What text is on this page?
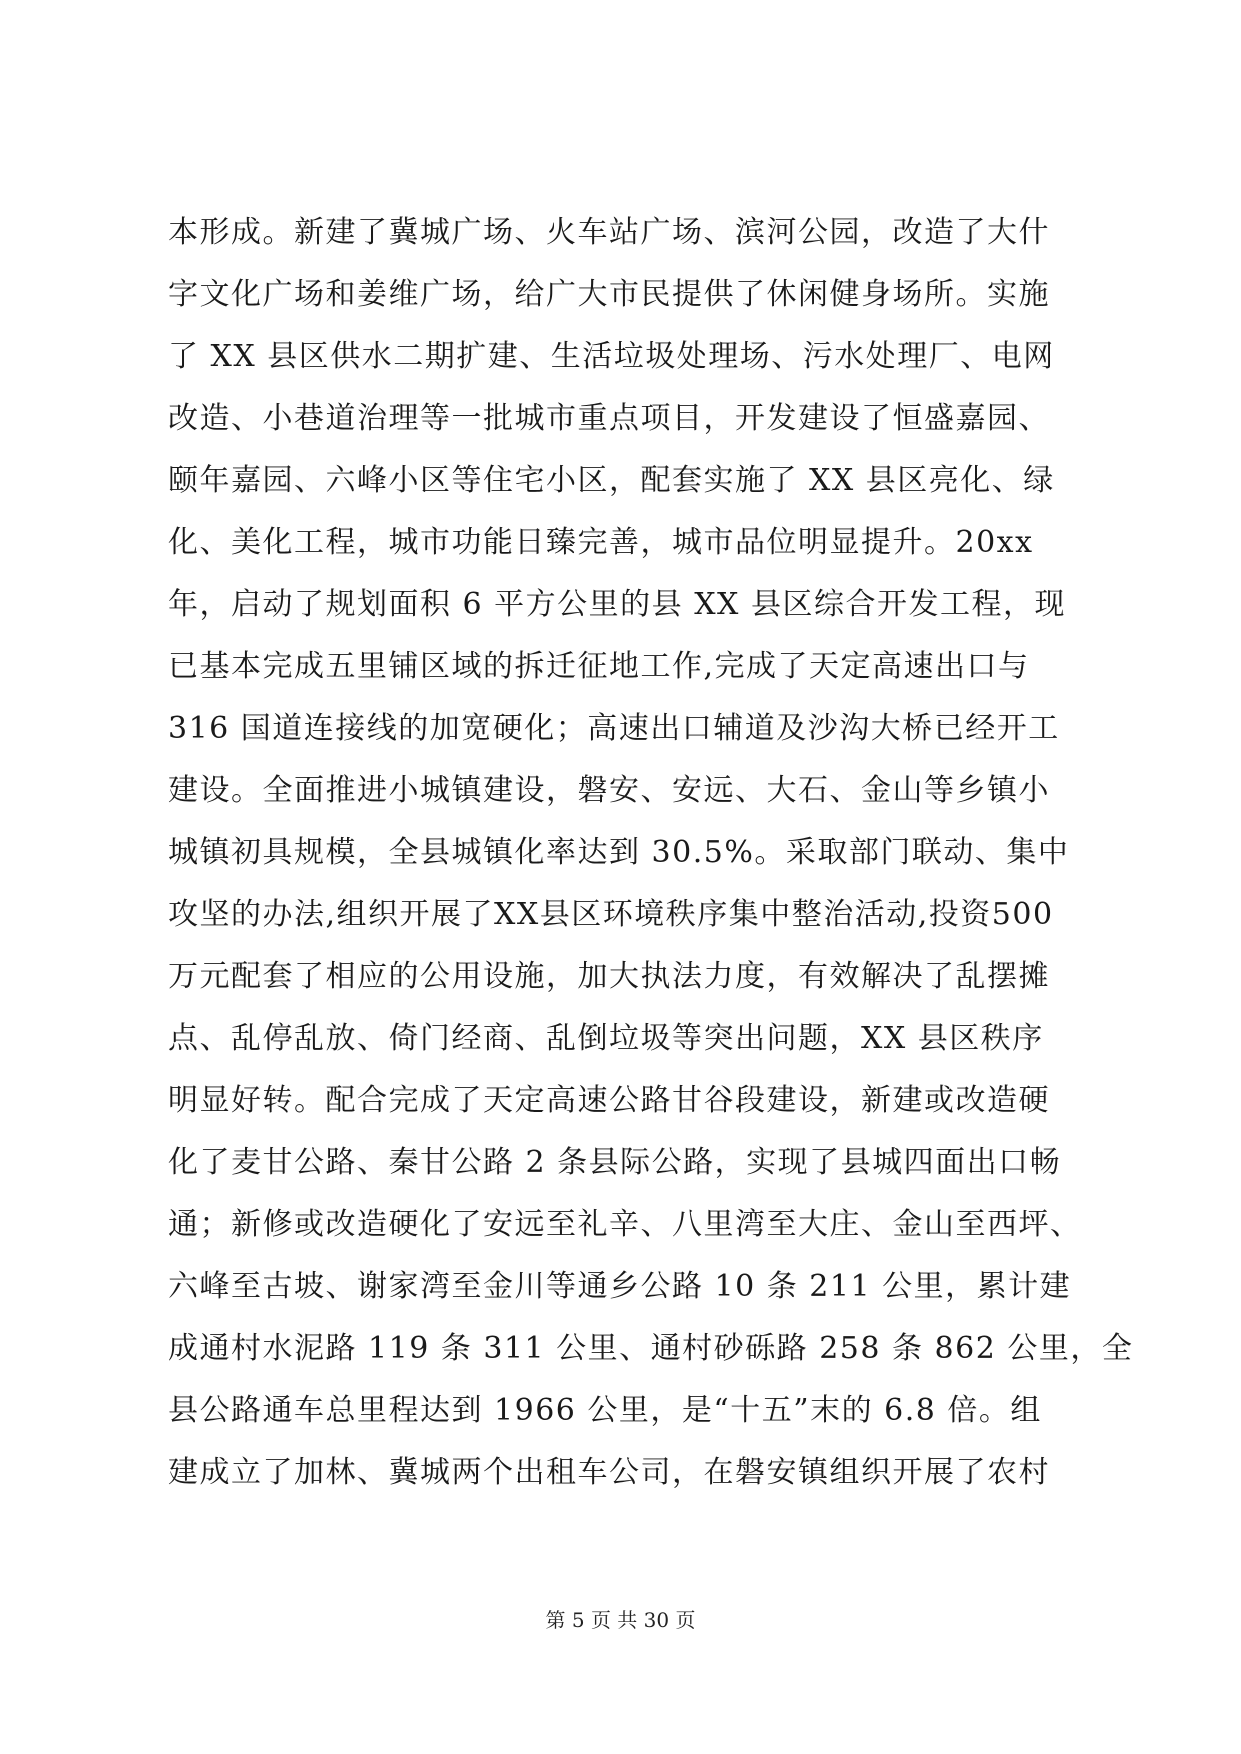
本形成。新建了冀城广场、火车站广场、滨河公园，改造了大什
字文化广场和姜维广场，给广大市民提供了休闲健身场所。实施
了 XX 县区供水二期扩建、生活垃圾处理场、污水处理厂、电网
改造、小巷道治理等一批城市重点项目，开发建设了恒盛嘉园、
颐年嘉园、六峰小区等住宅小区，配套实施了 XX 县区亮化、绿
化、美化工程，城市功能日臻完善，城市品位明显提升。20xx
年，启动了规划面积 6 平方公里的县 XX 县区综合开发工程，现
已基本完成五里铺区域的拆迁征地工作,完成了天定高速出口与
316 国道连接线的加宽硬化；高速出口辅道及沙沟大桥已经开工
建设。全面推进小城镇建设，磐安、安远、大石、金山等乡镇小
城镇初具规模，全县城镇化率达到 30.5%。采取部门联动、集中
攻坚的办法,组织开展了XX县区环境秩序集中整治活动,投资500
万元配套了相应的公用设施，加大执法力度，有效解决了乱摆摊
点、乱停乱放、倚门经商、乱倒垃圾等突出问题，XX 县区秩序
明显好转。配合完成了天定高速公路甘谷段建设，新建或改造硬
化了麦甘公路、秦甘公路 2 条县际公路，实现了县城四面出口畅
通；新修或改造硬化了安远至礼辛、八里湾至大庄、金山至西坪、
六峰至古坡、谢家湾至金川等通乡公路 10 条 211 公里，累计建
成通村水泥路 119 条 311 公里、通村砂砾路 258 条 862 公里，全
县公路通车总里程达到 1966 公里，是“十五”末的 6.8 倍。组
建成立了加林、冀城两个出租车公司，在磐安镇组织开展了农村
第 5 页 共 30 页
